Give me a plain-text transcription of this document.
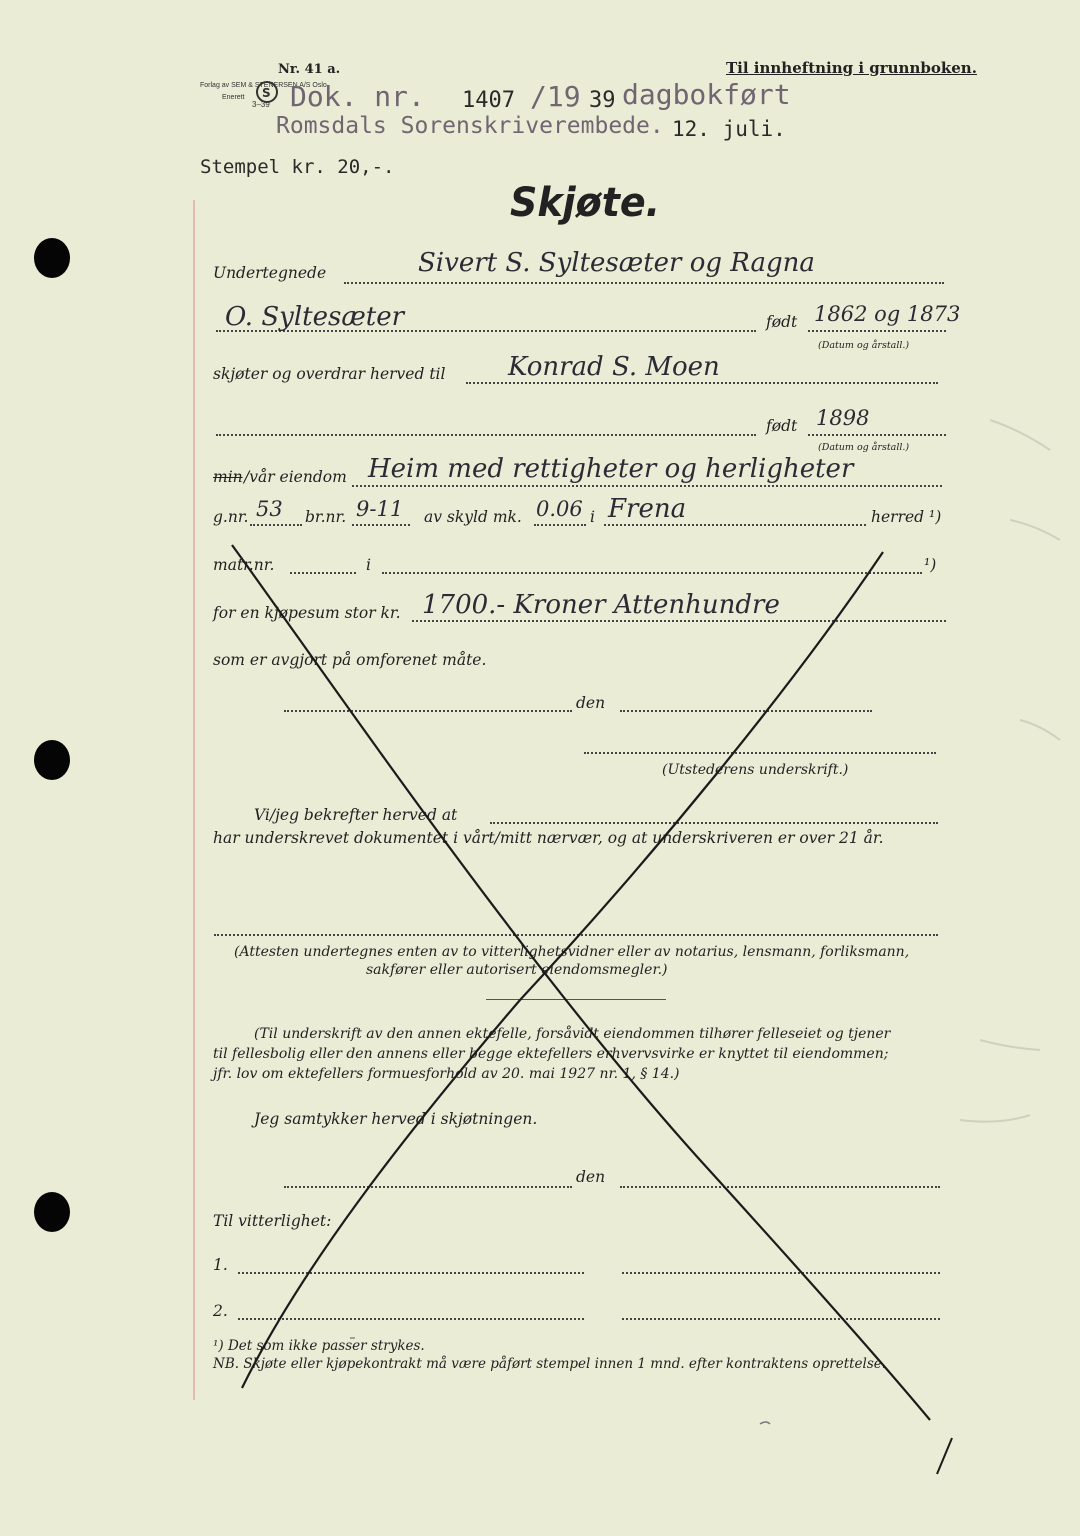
Nr. 41 a.
Forlag av SEM & STENERSEN A/S Oslo
Enerett
3–39
S
Til innheftning i grunnboken.
Dok. nr. 1407 /19 39 dagbokført
Romsdals Sorenskriverembede. 12. juli.
Stempel kr. 20,-.
Skjøte.
Undertegnede	Sivert S. Syltesæter og Ragna
O. Syltesæter	født 1862 og 1873
(Datum og årstall.)
skjøter og overdrar herved til Konrad S. Moen
født 1898
(Datum og årstall.)
min /vår eiendom Heim med rettigheter og herligheter
g.nr. 53 br.nr. 9-11 av skyld mk. 0.06 i Frena	herred ¹)
matr.nr.	i	¹)
for en kjøpesum stor kr. 1700.- Kroner Attenhundre
som er avgjort på omforenet måte.
den
(Utstederens underskrift.)
Vi/jeg bekrefter herved at
har underskrevet dokumentet i vårt/mitt nærvær, og at underskriveren er over 21 år.
(Attesten undertegnes enten av to vitterlighetsvidner eller av notarius, lensmann, forliksmann,
sakfører eller autorisert eiendomsmegler.)
(Til underskrift av den annen ektefelle, forsåvidt eiendommen tilhører felleseiet og tjener
til fellesbolig eller den annens eller begge ektefellers erhvervsvirke er knyttet til eiendommen;
jfr. lov om ektefellers formuesforhold av 20. mai 1927 nr. 1, § 14.)
Jeg samtykker herved i skjøtningen.
den
Til vitterlighet:
1.
2.
¹) Det som ikke passer strykes.
NB. Skjøte eller kjøpekontrakt må være påført stempel innen 1 mnd. efter kontraktens oprettelse.
